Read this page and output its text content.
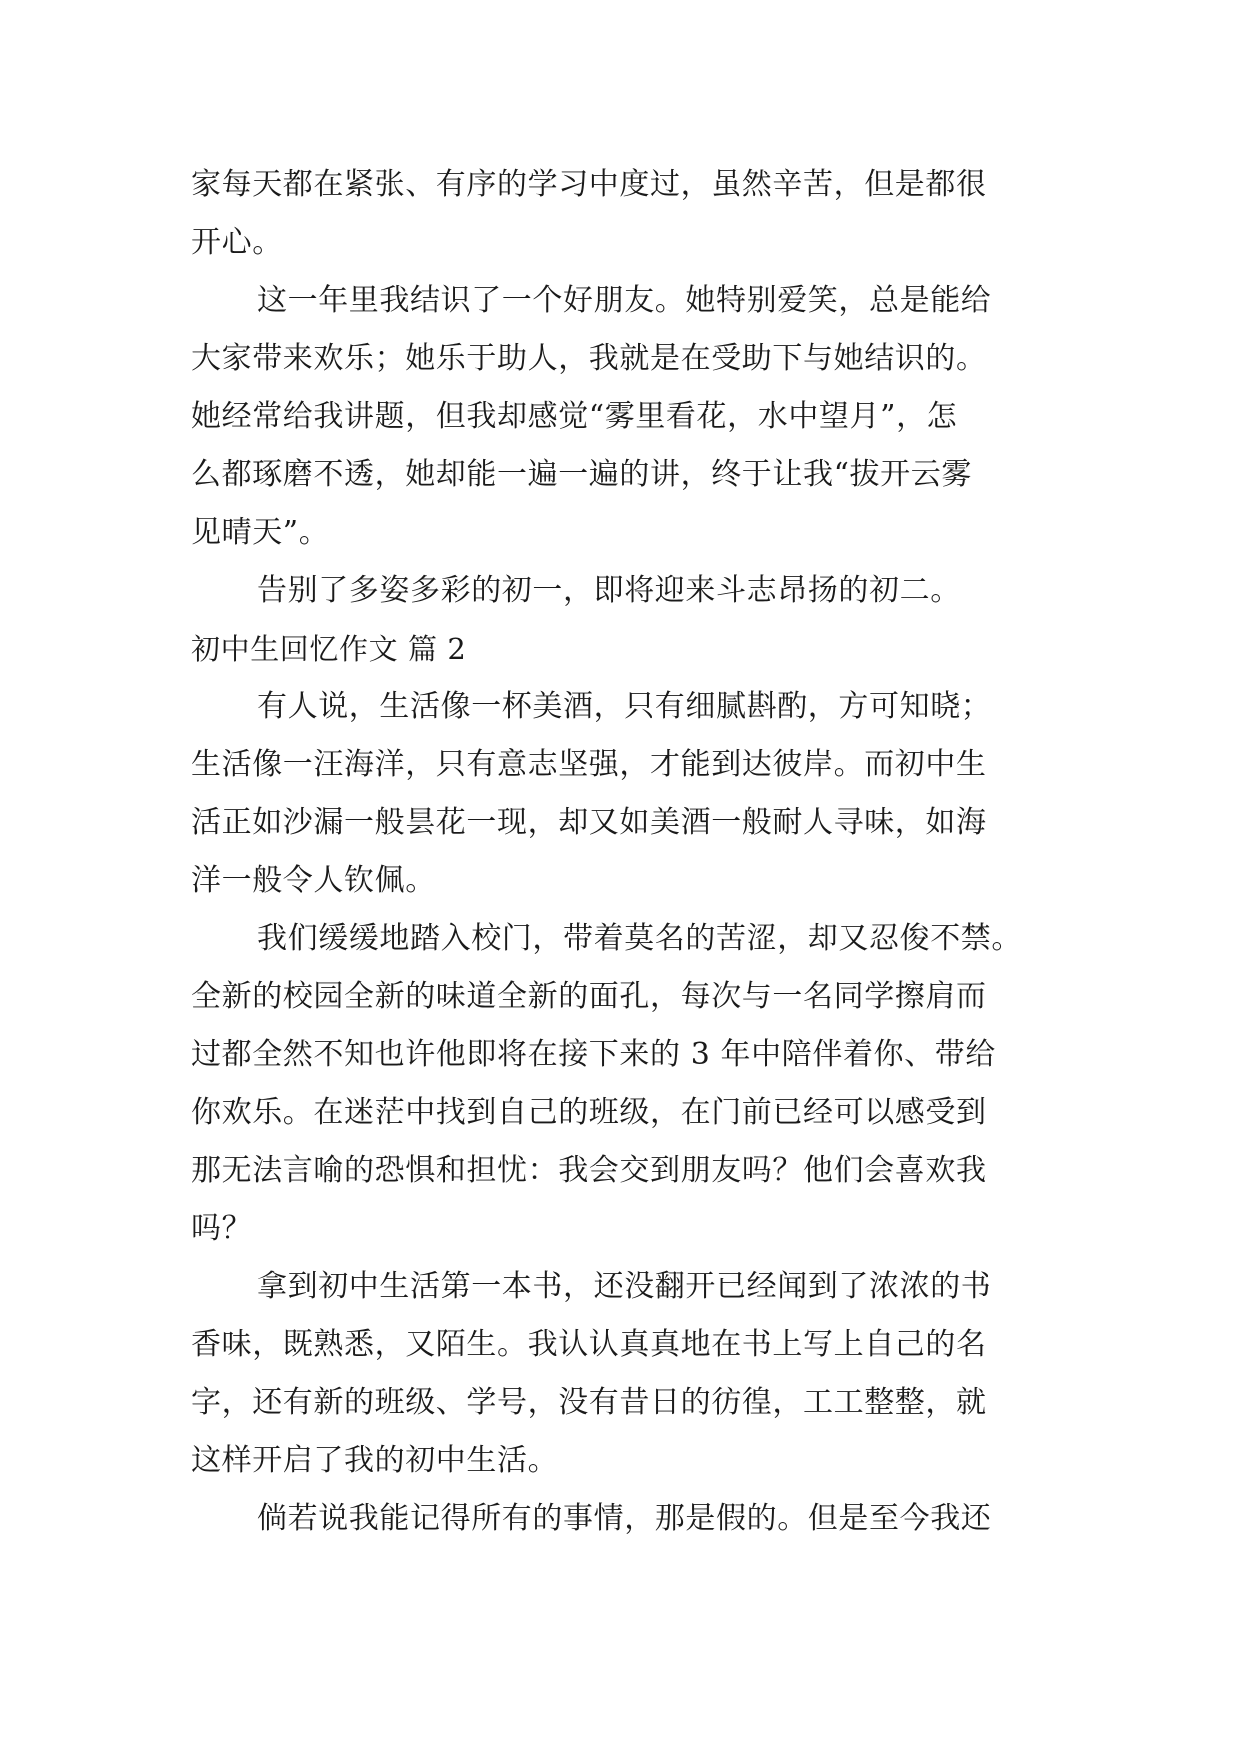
家每天都在紧张、有序的学习中度过，虽然辛苦，但是都很
开心。
这一年里我结识了一个好朋友。她特别爱笑，总是能给
大家带来欢乐；她乐于助人，我就是在受助下与她结识的。
她经常给我讲题，但我却感觉“雾里看花，水中望月”，怎
么都琢磨不透，她却能一遍一遍的讲，终于让我“拔开云雾
见晴天”。
告别了多姿多彩的初一，即将迎来斗志昂扬的初二。
初中生回忆作文 篇 2
有人说，生活像一杯美酒，只有细腻斟酌，方可知晓；
生活像一汪海洋，只有意志坚强，才能到达彼岸。而初中生
活正如沙漏一般昙花一现，却又如美酒一般耐人寻味，如海
洋一般令人钦佩。
我们缓缓地踏入校门，带着莫名的苦涩，却又忍俊不禁。
全新的校园全新的味道全新的面孔，每次与一名同学擦肩而
过都全然不知也许他即将在接下来的 3 年中陪伴着你、带给
你欢乐。在迷茫中找到自己的班级，在门前已经可以感受到
那无法言喻的恐惧和担忧：我会交到朋友吗？他们会喜欢我
吗？
拿到初中生活第一本书，还没翻开已经闻到了浓浓的书
香味，既熟悉，又陌生。我认认真真地在书上写上自己的名
字，还有新的班级、学号，没有昔日的彷徨，工工整整，就
这样开启了我的初中生活。
倘若说我能记得所有的事情，那是假的。但是至今我还
